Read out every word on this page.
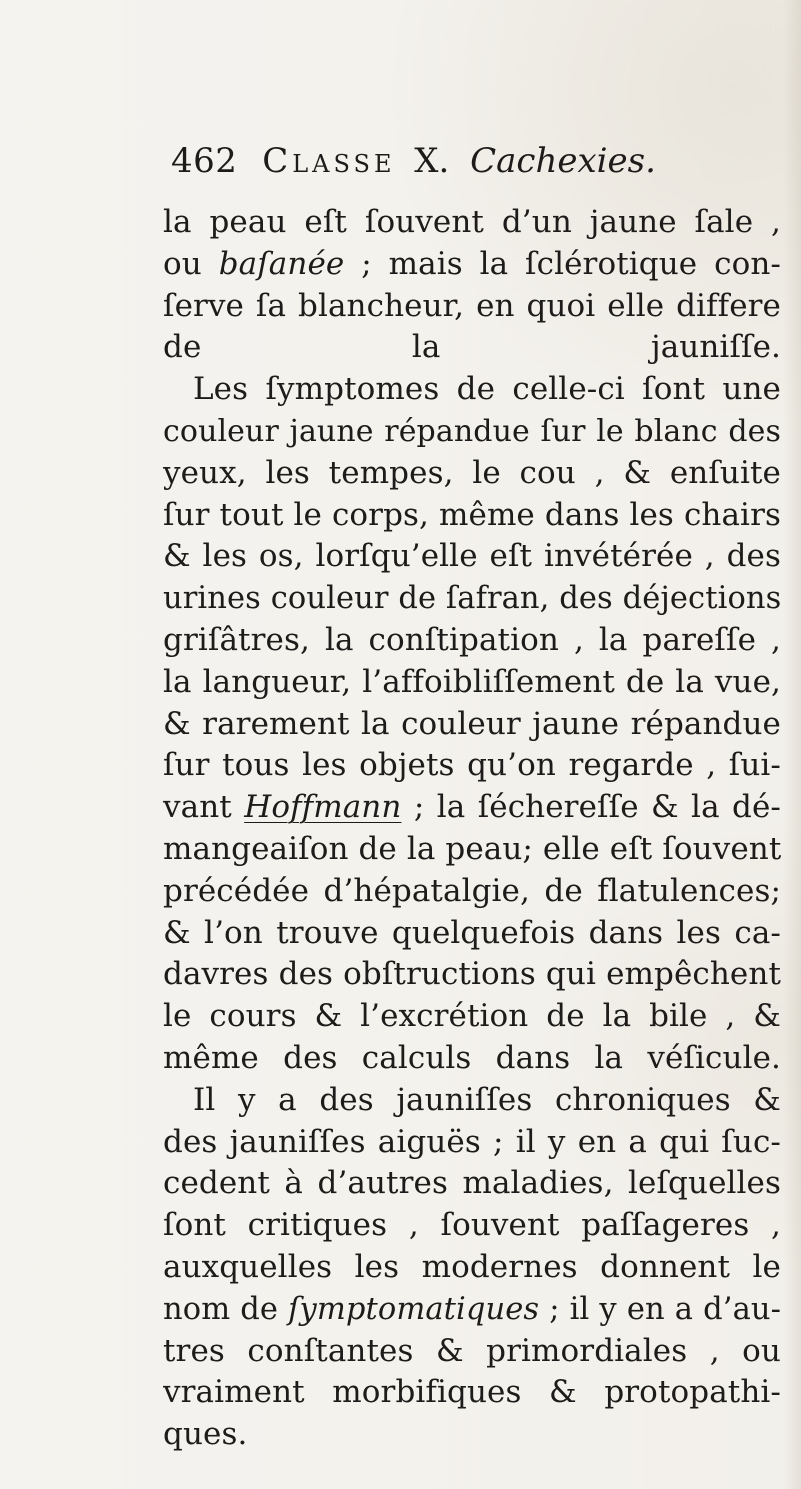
462 Classe X. Cachexies.
la peau eſt ſouvent d’un jaune ſale ,
ou baſanée ; mais la ſclérotique con-
ſerve ſa blancheur, en quoi elle differe
de la jauniſſe.
Les ſymptomes de celle-ci ſont une
couleur jaune répandue ſur le blanc des
yeux, les tempes, le cou , & enſuite
ſur tout le corps, même dans les chairs
& les os, lorſqu’elle eſt invétérée , des
urines couleur de ſafran, des déjections
griſâtres, la conſtipation , la pareſſe ,
la langueur, l’affoibliſſement de la vue,
& rarement la couleur jaune répandue
ſur tous les objets qu’on regarde , ſui-
vant Hoffmann ; la ſéchereſſe & la dé-
mangeaiſon de la peau; elle eſt ſouvent
précédée d’hépatalgie, de flatulences;
& l’on trouve quelquefois dans les ca-
davres des obſtructions qui empêchent
le cours & l’excrétion de la bile , &
même des calculs dans la véſicule.
Il y a des jauniſſes chroniques &
des jauniſſes aiguës ; il y en a qui ſuc-
cedent à d’autres maladies, leſquelles
ſont critiques , ſouvent paſſageres ,
auxquelles les modernes donnent le
nom de ſymptomatiques ; il y en a d’au-
tres conſtantes & primordiales , ou
vraiment morbifiques & protopathi-
ques.
